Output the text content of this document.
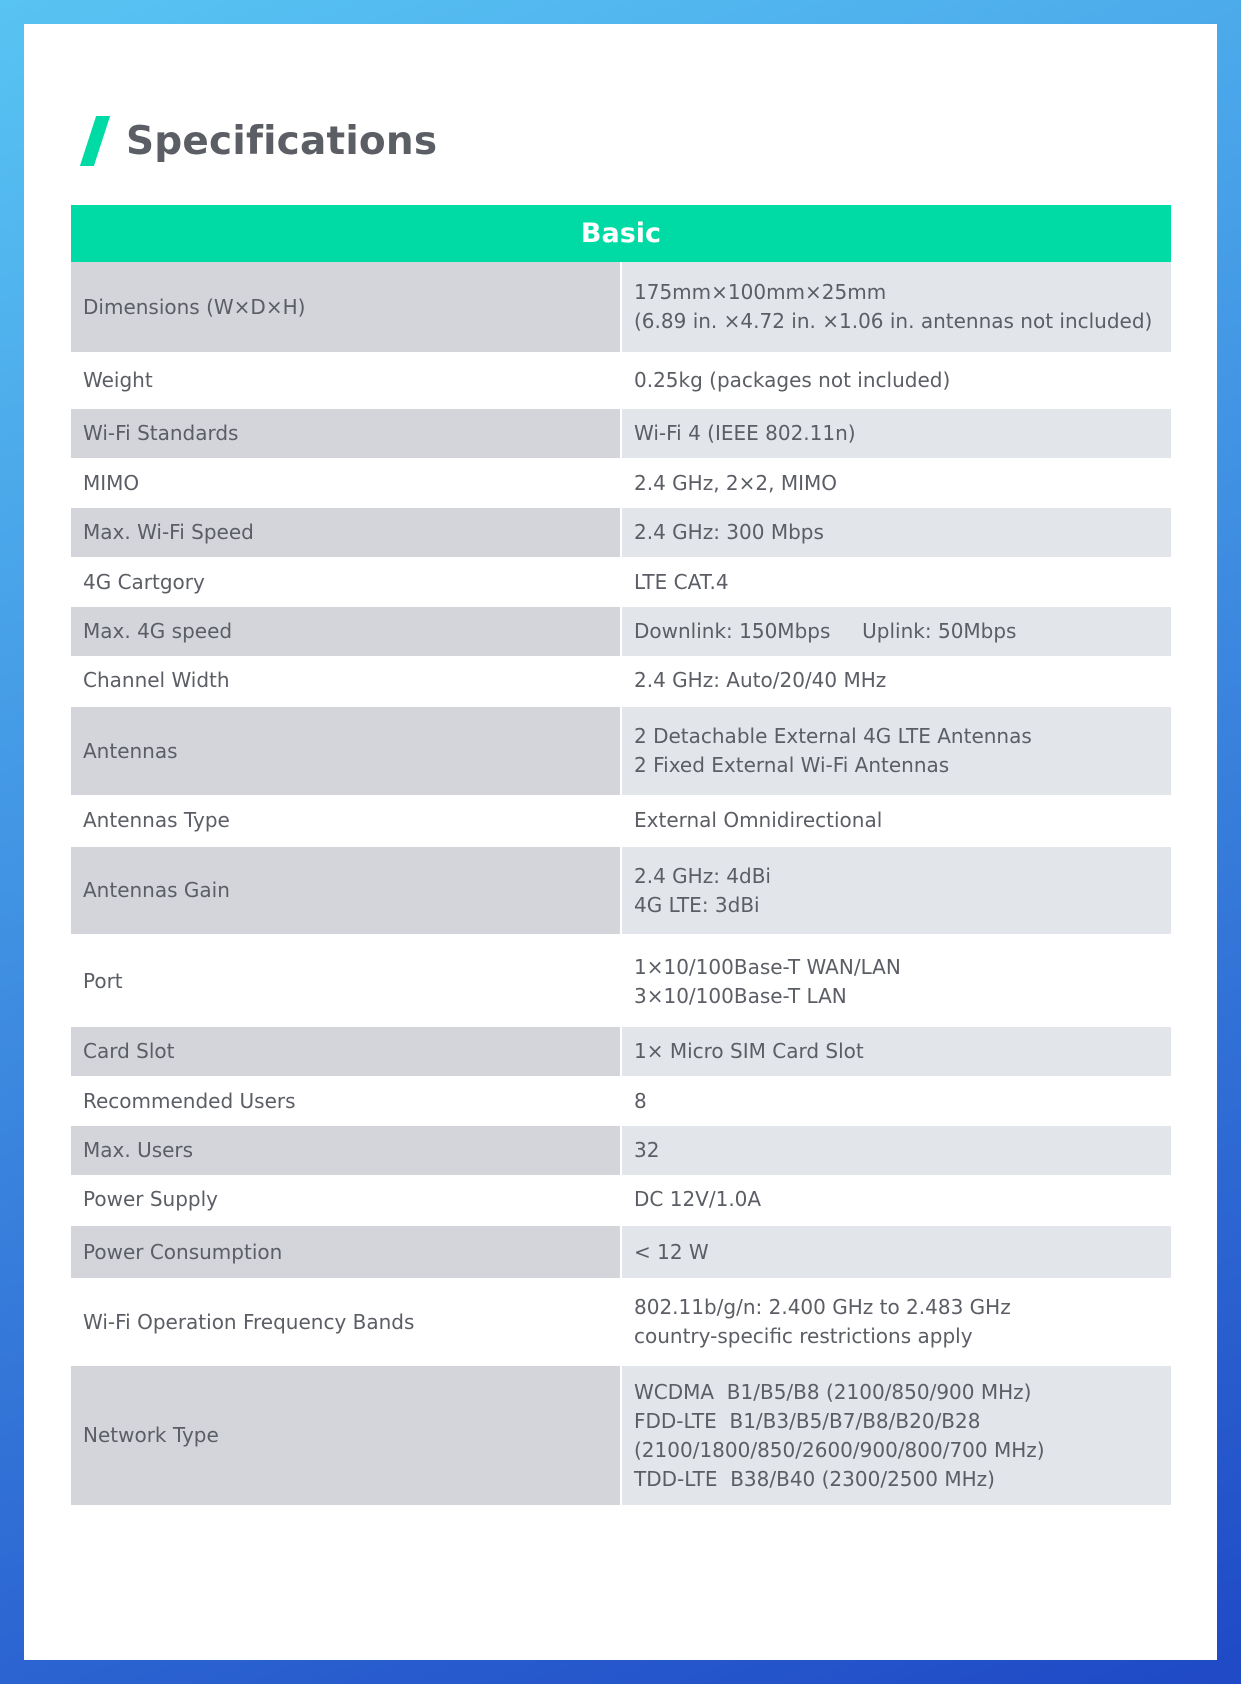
Specifications
Basic	
Dimensions (W×D×H)	175mm×100mm×25mm
(6.89 in. ×4.72 in. ×1.06 in. antennas not included)

Weight	0.25kg (packages not included)

Wi-Fi Standards	Wi-Fi 4 (IEEE 802.11n)

MIMO	2.4 GHz, 2×2, MIMO

Max. Wi-Fi Speed	2.4 GHz: 300 Mbps

4G Cartgory	LTE CAT.4

Max. 4G speed	Downlink: 150Mbps     Uplink: 50Mbps

Channel Width	2.4 GHz: Auto/20/40 MHz

Antennas	2 Detachable External 4G LTE Antennas
2 Fixed External Wi-Fi Antennas

Antennas Type	External Omnidirectional

Antennas Gain	2.4 GHz: 4dBi
4G LTE: 3dBi

Port	1×10/100Base-T WAN/LAN
3×10/100Base-T LAN

Card Slot	1× Micro SIM Card Slot

Recommended Users	8

Max. Users	32

Power Supply	DC 12V/1.0A

Power Consumption	< 12 W

Wi-Fi Operation Frequency Bands	802.11b/g/n: 2.400 GHz to 2.483 GHz
country-specific restrictions apply

Network Type	WCDMA  B1/B5/B8 (2100/850/900 MHz)
FDD-LTE  B1/B3/B5/B7/B8/B20/B28 (2100/1800/850/2600/900/800/700 MHz)
TDD-LTE  B38/B40 (2300/2500 MHz)
